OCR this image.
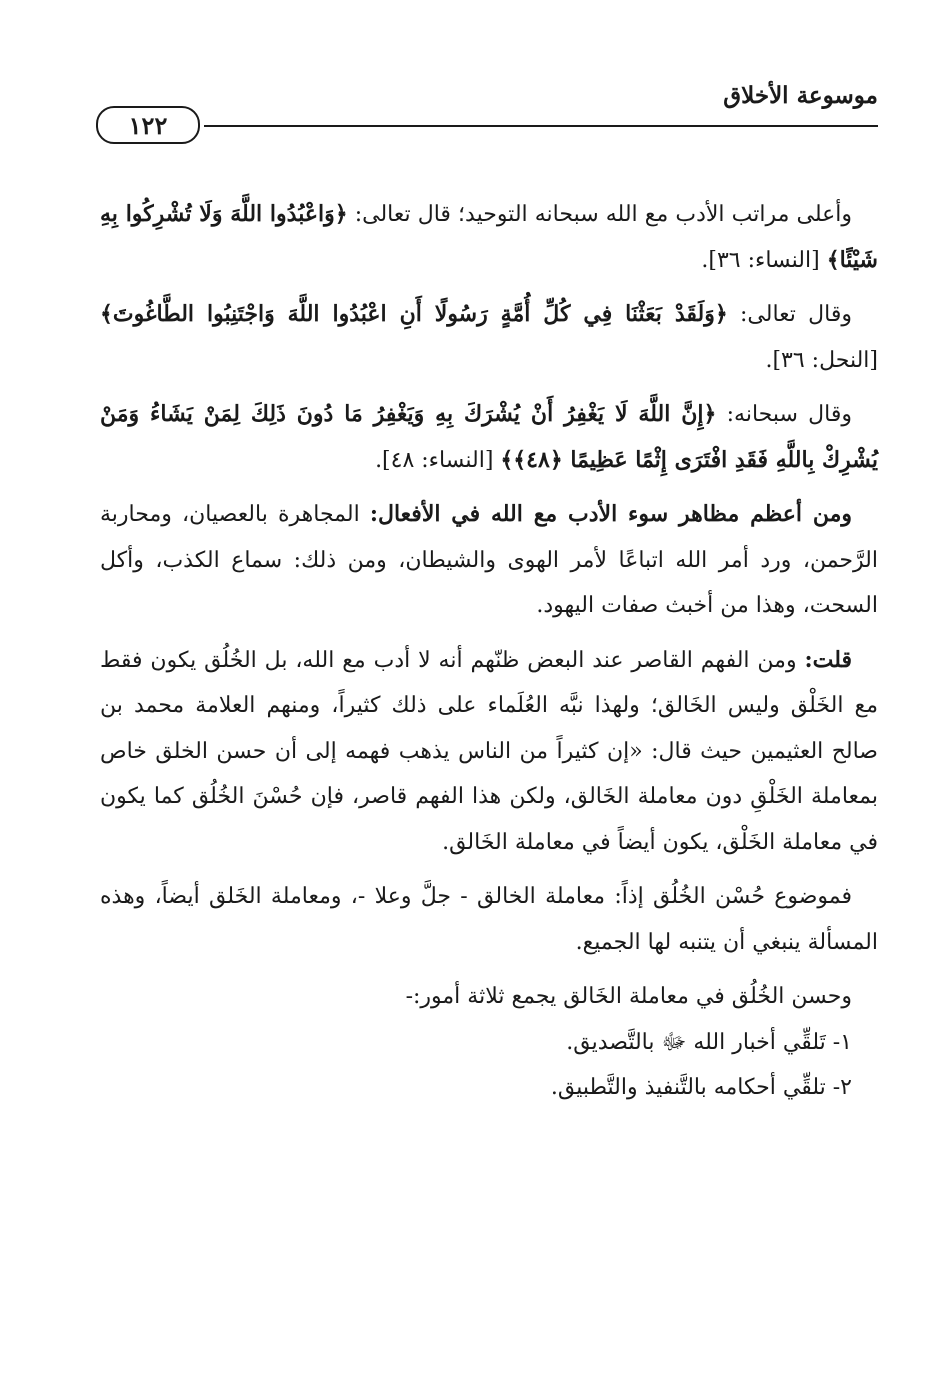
موسوعة الأخلاق
١٢٢

وأعلى مراتب الأدب مع الله سبحانه التوحيد؛ قال تعالى: ﴿وَاعْبُدُوا اللَّهَ وَلَا تُشْرِكُوا بِهِ شَيْئًا﴾ [النساء: ٣٦].

وقال تعالى: ﴿وَلَقَدْ بَعَثْنَا فِي كُلِّ أُمَّةٍ رَسُولًا أَنِ اعْبُدُوا اللَّهَ وَاجْتَنِبُوا الطَّاغُوتَ﴾ [النحل: ٣٦].

وقال سبحانه: ﴿إِنَّ اللَّهَ لَا يَغْفِرُ أَنْ يُشْرَكَ بِهِ وَيَغْفِرُ مَا دُونَ ذَلِكَ لِمَنْ يَشَاءُ وَمَنْ يُشْرِكْ بِاللَّهِ فَقَدِ افْتَرَى إِثْمًا عَظِيمًا ﴿٤٨﴾﴾ [النساء: ٤٨].

ومن أعظم مظاهر سوء الأدب مع الله في الأفعال: المجاهرة بالعصيان، ومحاربة الرَّحمن، ورد أمر الله اتباعًا لأمر الهوى والشيطان، ومن ذلك: سماع الكذب، وأكل السحت، وهذا من أخبث صفات اليهود.

قلت: ومن الفهم القاصر عند البعض ظنّهم أنه لا أدب مع الله، بل الخُلُق يكون فقط مع الخَلْق وليس الخَالق؛ ولهذا نبَّه العُلَماء على ذلك كثيراً، ومنهم العلامة محمد بن صالح العثيمين حيث قال: «إن كثيراً من الناس يذهب فهمه إلى أن حسن الخلق خاص بمعاملة الخَلْقِ دون معاملة الخَالق، ولكن هذا الفهم قاصر، فإن حُسْنَ الخُلُق كما يكون في معاملة الخَلْق، يكون أيضاً في معاملة الخَالق.

فموضوع حُسْن الخُلُق إذاً: معاملة الخالق - جلَّ وعلا -، ومعاملة الخَلق أيضاً، وهذه المسألة ينبغي أن يتنبه لها الجميع.

وحسن الخُلُق في معاملة الخَالق يجمع ثلاثة أمور:-

١- تَلقِّي أخبار الله ﷻ بالتَّصديق.

٢- تلقِّي أحكامه بالتَّنفيذ والتَّطبيق.
